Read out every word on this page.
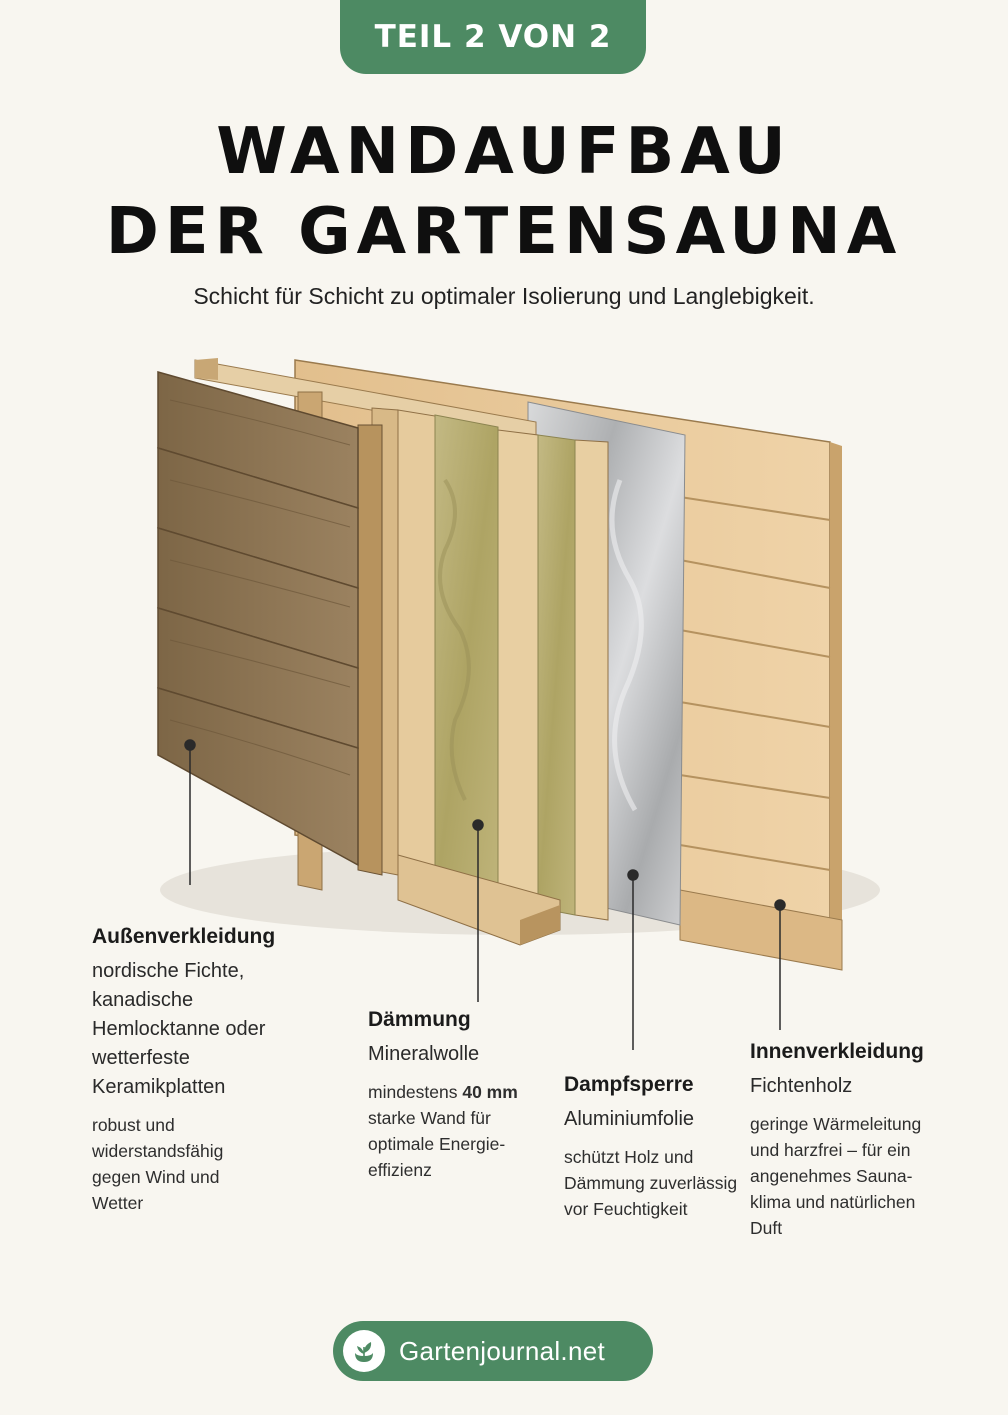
TEIL 2 VON 2
WANDAUFBAU
DER GARTENSAUNA
Schicht für Schicht zu optimaler Isolierung und Langlebigkeit.
Außenverkleidung
nordische Fichte,
kanadische
Hemlocktanne oder
wetterfeste
Keramikplatten
robust und
widerstandsfähig
gegen Wind und
Wetter
Dämmung
Mineralwolle
mindestens 40 mm
starke Wand für
optimale Energie-
effizienz
Dampfsperre
Aluminiumfolie
schützt Holz und
Dämmung zuverlässig
vor Feuchtigkeit
Innenverkleidung
Fichtenholz
geringe Wärmeleitung
und harzfrei – für ein
angenehmes Sauna-
klima und natürlichen
Duft
Gartenjournal.net
